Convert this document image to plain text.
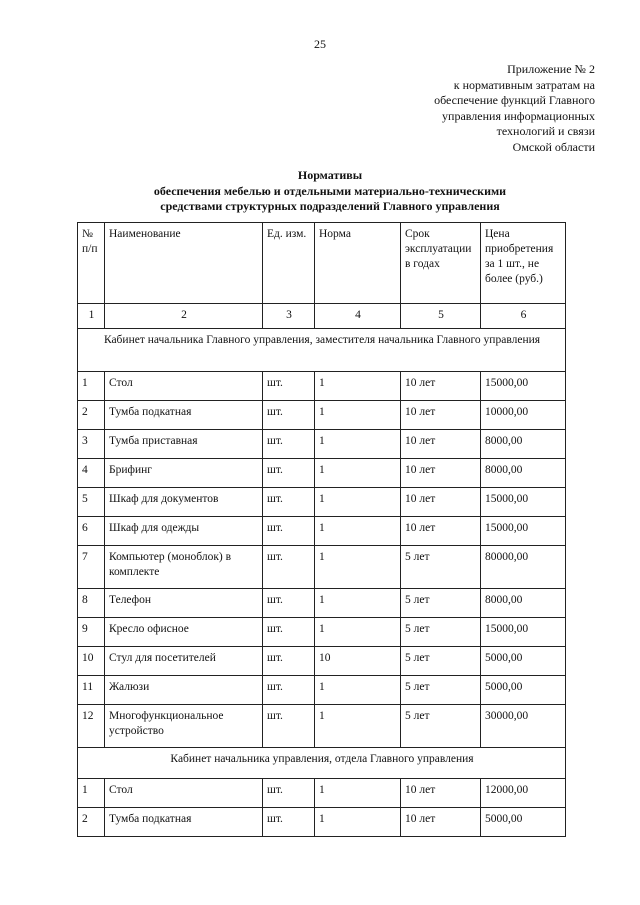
25
Приложение № 2
к нормативным затратам на
обеспечение функций Главного
управления информационных
технологий и связи
Омской области
Нормативы
обеспечения мебелью и отдельными материально-техническими
средствами структурных подразделений Главного управления
№ п/п	Наименование	Ед. изм.	Норма	Срок эксплуатации в годах	Цена приобретения за 1 шт., не более (руб.)
1	2	3	4	5	6
Кабинет начальника Главного управления, заместителя начальника Главного управления					
1	Стол	шт.	1	10 лет	15000,00
2	Тумба подкатная	шт.	1	10 лет	10000,00
3	Тумба приставная	шт.	1	10 лет	8000,00
4	Брифинг	шт.	1	10 лет	8000,00
5	Шкаф для документов	шт.	1	10 лет	15000,00
6	Шкаф для одежды	шт.	1	10 лет	15000,00
7	Компьютер (моноблок) в комплекте	шт.	1	5 лет	80000,00
8	Телефон	шт.	1	5 лет	8000,00
9	Кресло офисное	шт.	1	5 лет	15000,00
10	Стул для посетителей	шт.	10	5 лет	5000,00
11	Жалюзи	шт.	1	5 лет	5000,00
12	Многофункциональное устройство	шт.	1	5 лет	30000,00
Кабинет начальника управления, отдела Главного управления					
1	Стол	шт.	1	10 лет	12000,00
2	Тумба подкатная	шт.	1	10 лет	5000,00
